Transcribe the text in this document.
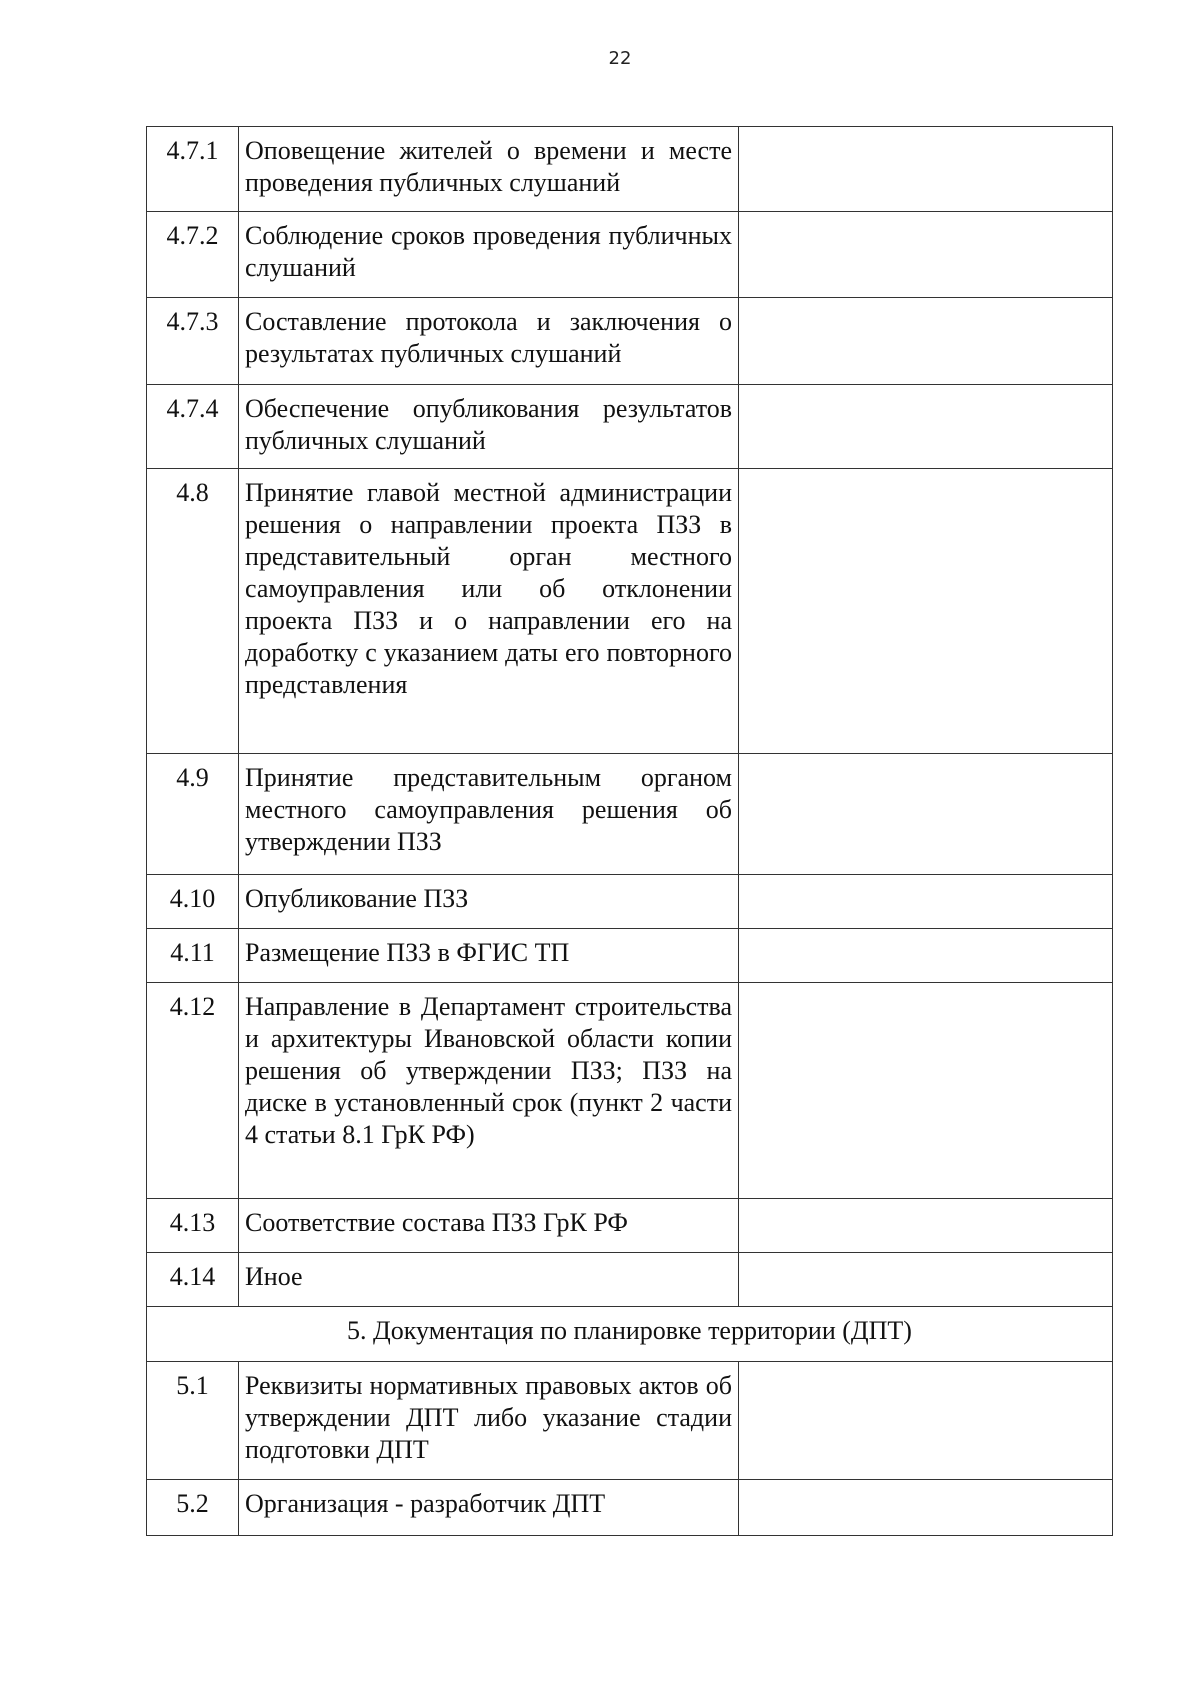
22
4.7.1	Оповещение жителей о времени и месте проведения публичных слушаний	
4.7.2	Соблюдение сроков проведения публичных слушаний	
4.7.3	Составление протокола и заключения о результатах публичных слушаний	
4.7.4	Обеспечение опубликования результатов публичных слушаний	
4.8	Принятие главой местной администрации решения о направлении проекта ПЗЗ в представительный орган местного самоуправления или об отклонении проекта ПЗЗ и о направлении его на доработку с указанием даты его повторного представления	
4.9	Принятие представительным органом местного самоуправления решения об утверждении ПЗЗ	
4.10	Опубликование ПЗЗ	
4.11	Размещение ПЗЗ в ФГИС ТП	
4.12	Направление в Департамент строительства и архитектуры Ивановской области копии решения об утверждении ПЗЗ; ПЗЗ на диске в установленный срок (пункт 2 части 4 статьи 8.1 ГрК РФ)	
4.13	Соответствие состава ПЗЗ ГрК РФ	
4.14	Иное	
5. Документация по планировке территории (ДПТ)		
5.1	Реквизиты нормативных правовых актов об утверждении ДПТ либо указание стадии подготовки ДПТ	
5.2	Организация - разработчик ДПТ	
